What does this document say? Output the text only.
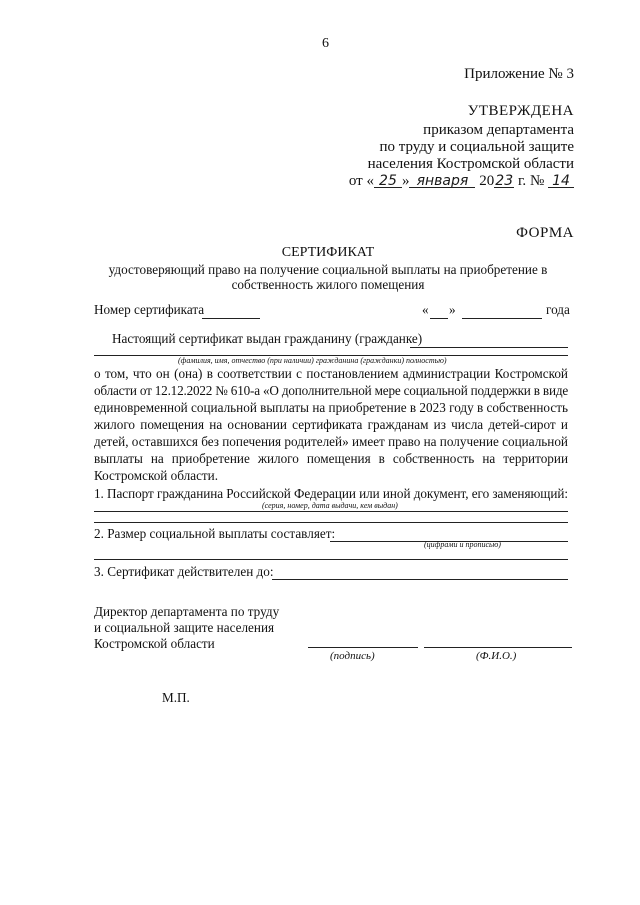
6
Приложение № 3
УТВЕРЖДЕНА
приказом департамента
по труду и социальной защите
населения Костромской области
от « 25 » января 2023 г. № 14
ФОРМА
СЕРТИФИКАТ
удостоверяющий право на получение социальной выплаты на приобретение в
собственность жилого помещения
Номер сертификата	« »	года
Настоящий сертификат выдан гражданину (гражданке)
(фамилия, имя, отчество (при наличии) гражданина (гражданки) полностью)
о том, что он (она) в соответствии с постановлением администрации Костромской
области от 12.12.2022 № 610-а «О дополнительной мере социальной поддержки в виде
единовременной социальной выплаты на приобретение в 2023 году в собственность
жилого помещения на основании сертификата гражданам из числа детей-сирот и
детей, оставшихся без попечения родителей» имеет право на получение социальной
выплаты на приобретение жилого помещения в собственность на территории
Костромской области.
1. Паспорт гражданина Российской Федерации или иной документ, его заменяющий:
(серия, номер, дата выдачи, кем выдан)
2. Размер социальной выплаты составляет:
(цифрами и прописью)
3. Сертификат действителен до:
Директор департамента по труду
и социальной защите населения
Костромской области
(подпись)	(Ф.И.О.)
М.П.
